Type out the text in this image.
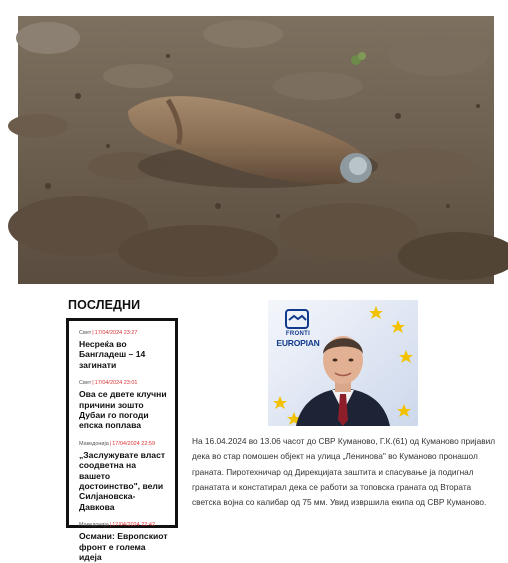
ПОСЛЕДНИ
Свет|17/04/2024 23:27
Несреќа во Бангладеш – 14 загинати
Свет|17/04/2024 23:01
Ова се двете клучни причини зошто Дубаи го погоди епска поплава
Македонија|17/04/2024 22:59
„Заслужувате власт соодветна на вашето достоинство", вели Силјановска-Давкова
Македонија|17/04/2024 22:42
Османи: Европскиот фронт е голема идеја
FRONTI
EUROPIAN

На 16.04.2024 во 13.06 часот до СВР Куманово, Г.К.(61) од Куманово пријавил дека во стар помошен објект на улица „Ленинова" во Куманово пронашол граната. Пиротехничар од Дирекцијата заштита и спасување ја подигнал гранатата и констатирал дека се работи за топовска граната од Втората светска војна со калибар од 75 мм. Увид извршила екипа од СВР Куманово.
